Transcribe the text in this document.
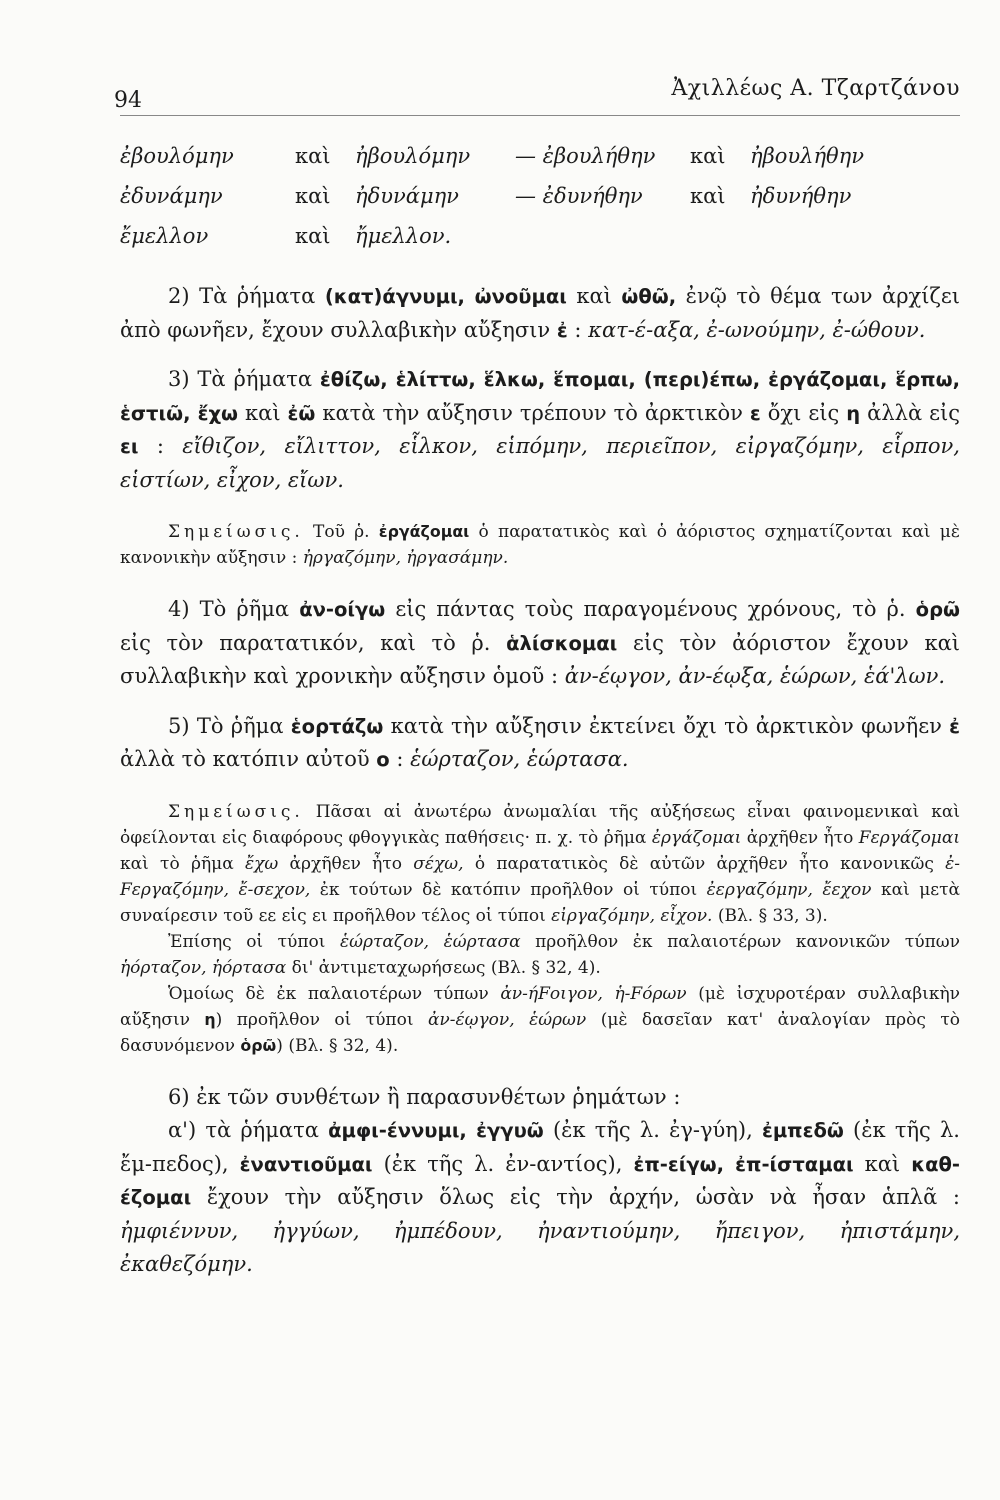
94	Ἀχιλλέως Α. Τζαρτζάνου
ἐβουλόμην	καὶ	ἠβουλόμην	— ἐβουλήθην	καὶ	ἠβουλήθην
ἐδυνάμην	καὶ	ἠδυνάμην	— ἐδυνήθην	καὶ	ἠδυνήθην
ἔμελλον	καὶ	ἤμελλον.

2) Τὰ ῥήματα (κατ)άγνυμι, ὠνοῦμαι καὶ ὠθῶ, ἐνῷ τὸ θέμα των ἀρχίζει ἀπὸ φωνῆεν, ἔχουν συλλαβικὴν αὔξησιν ἐ : κατ-έ-αξα, ἐ-ωνούμην, ἐ-ώθουν.

3) Τὰ ῥήματα ἐθίζω, ἑλίττω, ἕλκω, ἕπομαι, (περι)έπω, ἐργάζομαι, ἕρπω, ἑστιῶ, ἔχω καὶ ἐῶ κατὰ τὴν αὔξησιν τρέπουν τὸ ἀρκτικὸν ε ὄχι εἰς η ἀλλὰ εἰς ει : εἴθιζον, εἴλιττον, εἷλκον, εἱπόμην, περιεῖπον, εἰργαζόμην, εἷρπον, εἱστίων, εἶχον, εἴων.

Σημείωσις. Τοῦ ῥ. ἐργάζομαι ὁ παρατατικὸς καὶ ὁ ἀόριστος σχηματίζονται καὶ μὲ κανονικὴν αὔξησιν : ἠργαζόμην, ἠργασάμην.

4) Τὸ ῥῆμα ἀν-οίγω εἰς πάντας τοὺς παραγομένους χρόνους, τὸ ῥ. ὁρῶ εἰς τὸν παρατατικόν, καὶ τὸ ῥ. ἁλίσκομαι εἰς τὸν ἀόριστον ἔχουν καὶ συλλαβικὴν καὶ χρονικὴν αὔξησιν ὁμοῦ : ἀν-έῳγον, ἀν-έῳξα, ἑώρων, ἑά'λων.

5) Τὸ ῥῆμα ἑορτάζω κατὰ τὴν αὔξησιν ἐκτείνει ὄχι τὸ ἀρκτικὸν φωνῆεν ἐ ἀλλὰ τὸ κατόπιν αὐτοῦ ο : ἑώρταζον, ἑώρτασα.

Σημείωσις. Πᾶσαι αἱ ἀνωτέρω ἀνωμαλίαι τῆς αὐξήσεως εἶναι φαινομενικαὶ καὶ ὀφείλονται εἰς διαφόρους φθογγικὰς παθήσεις· π. χ. τὸ ῥῆμα ἐργάζομαι ἀρχῆθεν ἦτο Fεργάζομαι καὶ τὸ ῥῆμα ἔχω ἀρχῆθεν ἦτο σέχω, ὁ παρατατικὸς δὲ αὐτῶν ἀρχῆθεν ἦτο κανονικῶς ἐ-Fεργαζόμην, ἔ-σεχον, ἐκ τούτων δὲ κατόπιν προῆλθον οἱ τύποι ἐεργαζόμην, ἔεχον καὶ μετὰ συναίρεσιν τοῦ εε εἰς ει προῆλθον τέλος οἱ τύποι εἰργαζόμην, εἶχον. (Βλ. § 33, 3).

Ἐπίσης οἱ τύποι ἑώρταζον, ἑώρτασα προῆλθον ἐκ παλαιοτέρων κανονικῶν τύπων ἡόρταζον, ἡόρτασα δι' ἀντιμεταχωρήσεως (Βλ. § 32, 4).

Ὁμοίως δὲ ἐκ παλαιοτέρων τύπων ἀν-ήFοιγον, ἡ-Fόρων (μὲ ἰσχυροτέραν συλλαβικὴν αὔξησιν η) προῆλθον οἱ τύποι ἀν-έῳγον, ἑώρων (μὲ δασεῖαν κατ' ἀναλογίαν πρὸς τὸ δασυνόμενον ὁρῶ) (Βλ. § 32, 4).

6) ἐκ τῶν συνθέτων ἢ παρασυνθέτων ῥημάτων :

α') τὰ ῥήματα ἀμφι-έννυμι, ἐγγυῶ (ἐκ τῆς λ. ἐγ-γύη), ἐμπεδῶ (ἐκ τῆς λ. ἔμ-πεδος), ἐναντιοῦμαι (ἐκ τῆς λ. ἐν-αντίος), ἐπ-είγω, ἐπ-ίσταμαι καὶ καθ-έζομαι ἔχουν τὴν αὔξησιν ὅλως εἰς τὴν ἀρχήν, ὡσὰν νὰ ἦσαν ἁπλᾶ : ἠμφιέννυν, ἠγγύων, ἠμπέδουν, ἠναντιούμην, ἤπειγον, ἠπιστάμην, ἐκαθεζόμην.
